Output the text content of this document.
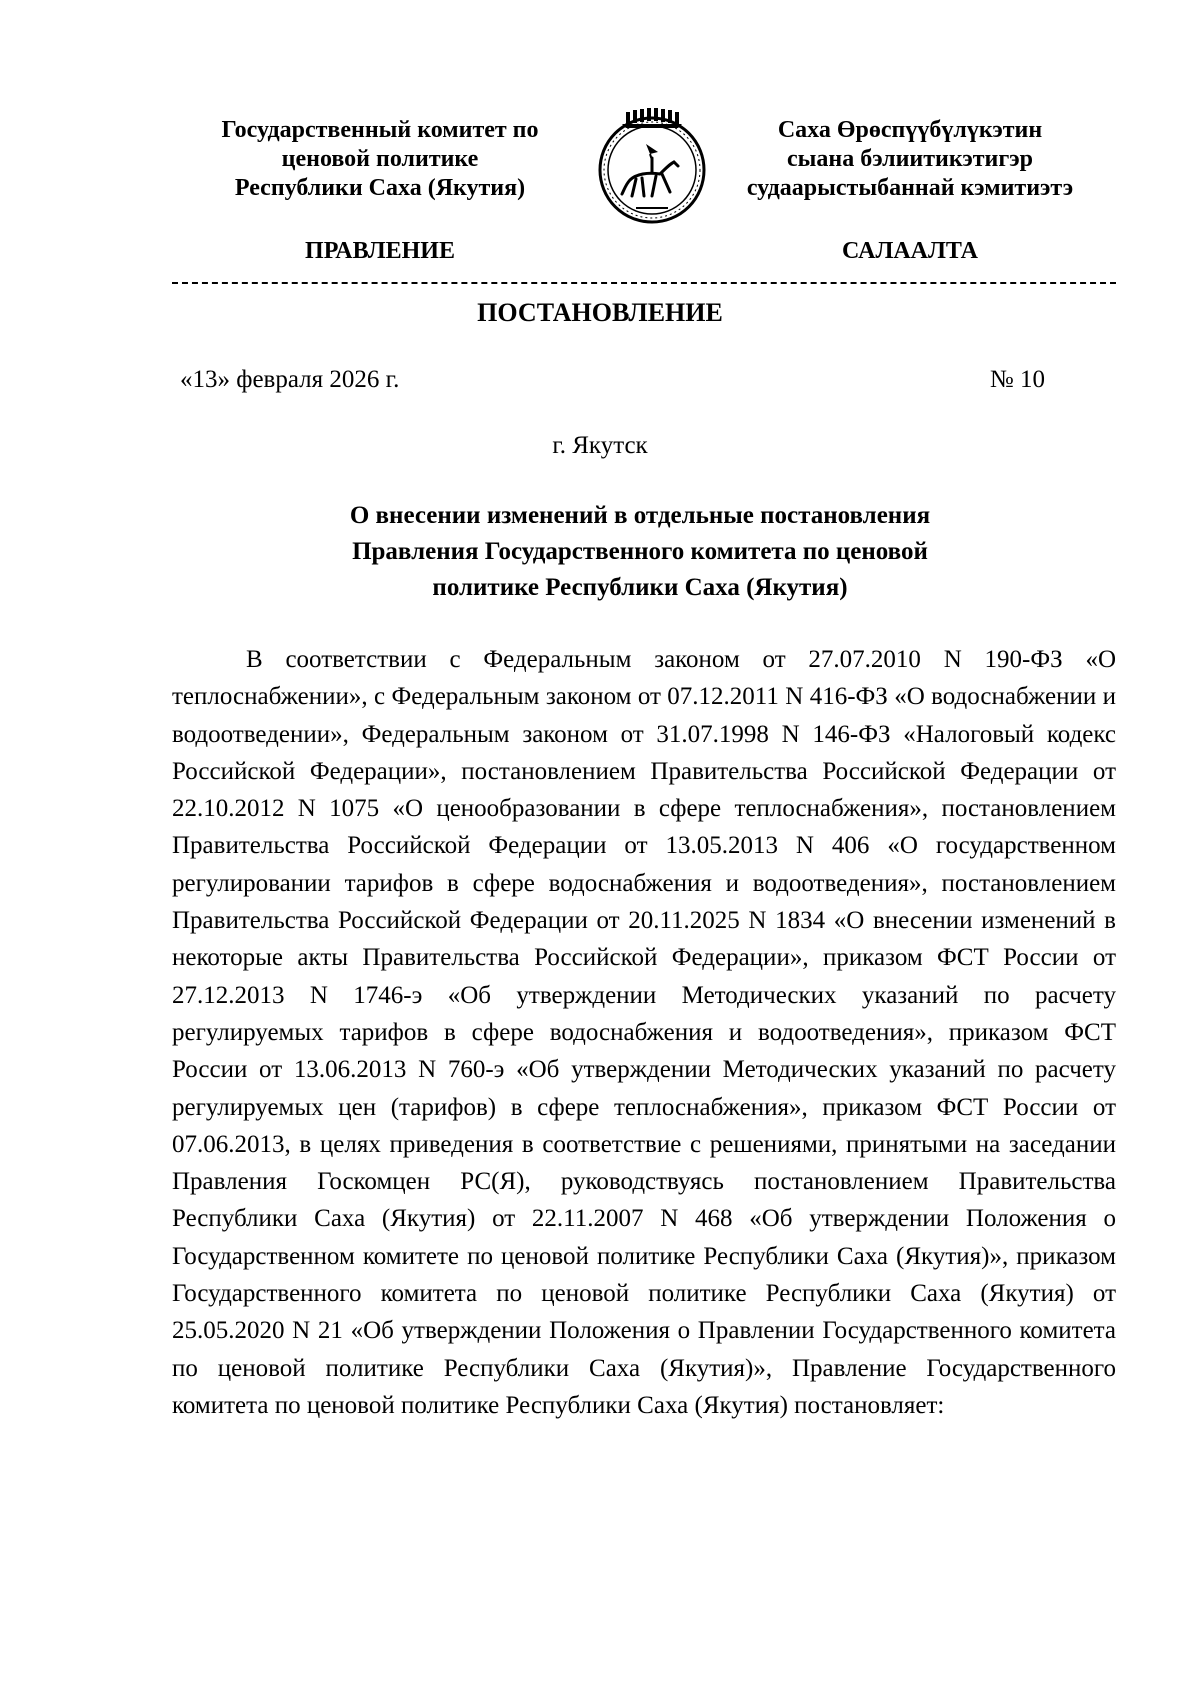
Государственный комитет по
ценовой политике
Республики Саха (Якутия)
Саха Өрөспүүбүлүкэтин
сыана бэлиитикэтигэр
судаарыстыбаннай кэмитиэтэ
ПРАВЛЕНИЕ	САЛААЛТА
ПОСТАНОВЛЕНИЕ
«13» февраля 2026 г.	№ 10
г. Якутск
О внесении изменений в отдельные постановления
Правления Государственного комитета по ценовой
политике Республики Саха (Якутия)

В соответствии с Федеральным законом от 27.07.2010 N 190-ФЗ «О теплоснабжении», с Федеральным законом от 07.12.2011 N 416-ФЗ «О водоснабжении и водоотведении», Федеральным законом от 31.07.1998 N 146-ФЗ «Налоговый кодекс Российской Федерации», постановлением Правительства Российской Федерации от 22.10.2012 N 1075 «О ценообразовании в сфере теплоснабжения», постановлением Правительства Российской Федерации от 13.05.2013 N 406 «О государственном регулировании тарифов в сфере водоснабжения и водоотведения», постановлением Правительства Российской Федерации от 20.11.2025 N 1834 «О внесении изменений в некоторые акты Правительства Российской Федерации», приказом ФСТ России от 27.12.2013 N 1746-э «Об утверждении Методических указаний по расчету регулируемых тарифов в сфере водоснабжения и водоотведения», приказом ФСТ России от 13.06.2013 N 760-э «Об утверждении Методических указаний по расчету регулируемых цен (тарифов) в сфере теплоснабжения», приказом ФСТ России от 07.06.2013, в целях приведения в соответствие с решениями, принятыми на заседании Правления Госкомцен РС(Я), руководствуясь постановлением Правительства Республики Саха (Якутия) от 22.11.2007 N 468 «Об утверждении Положения о Государственном комитете по ценовой политике Республики Саха (Якутия)», приказом Государственного комитета по ценовой политике Республики Саха (Якутия) от 25.05.2020 N 21 «Об утверждении Положения о Правлении Государственного комитета по ценовой политике Республики Саха (Якутия)», Правление Государственного комитета по ценовой политике Республики Саха (Якутия) постановляет:
